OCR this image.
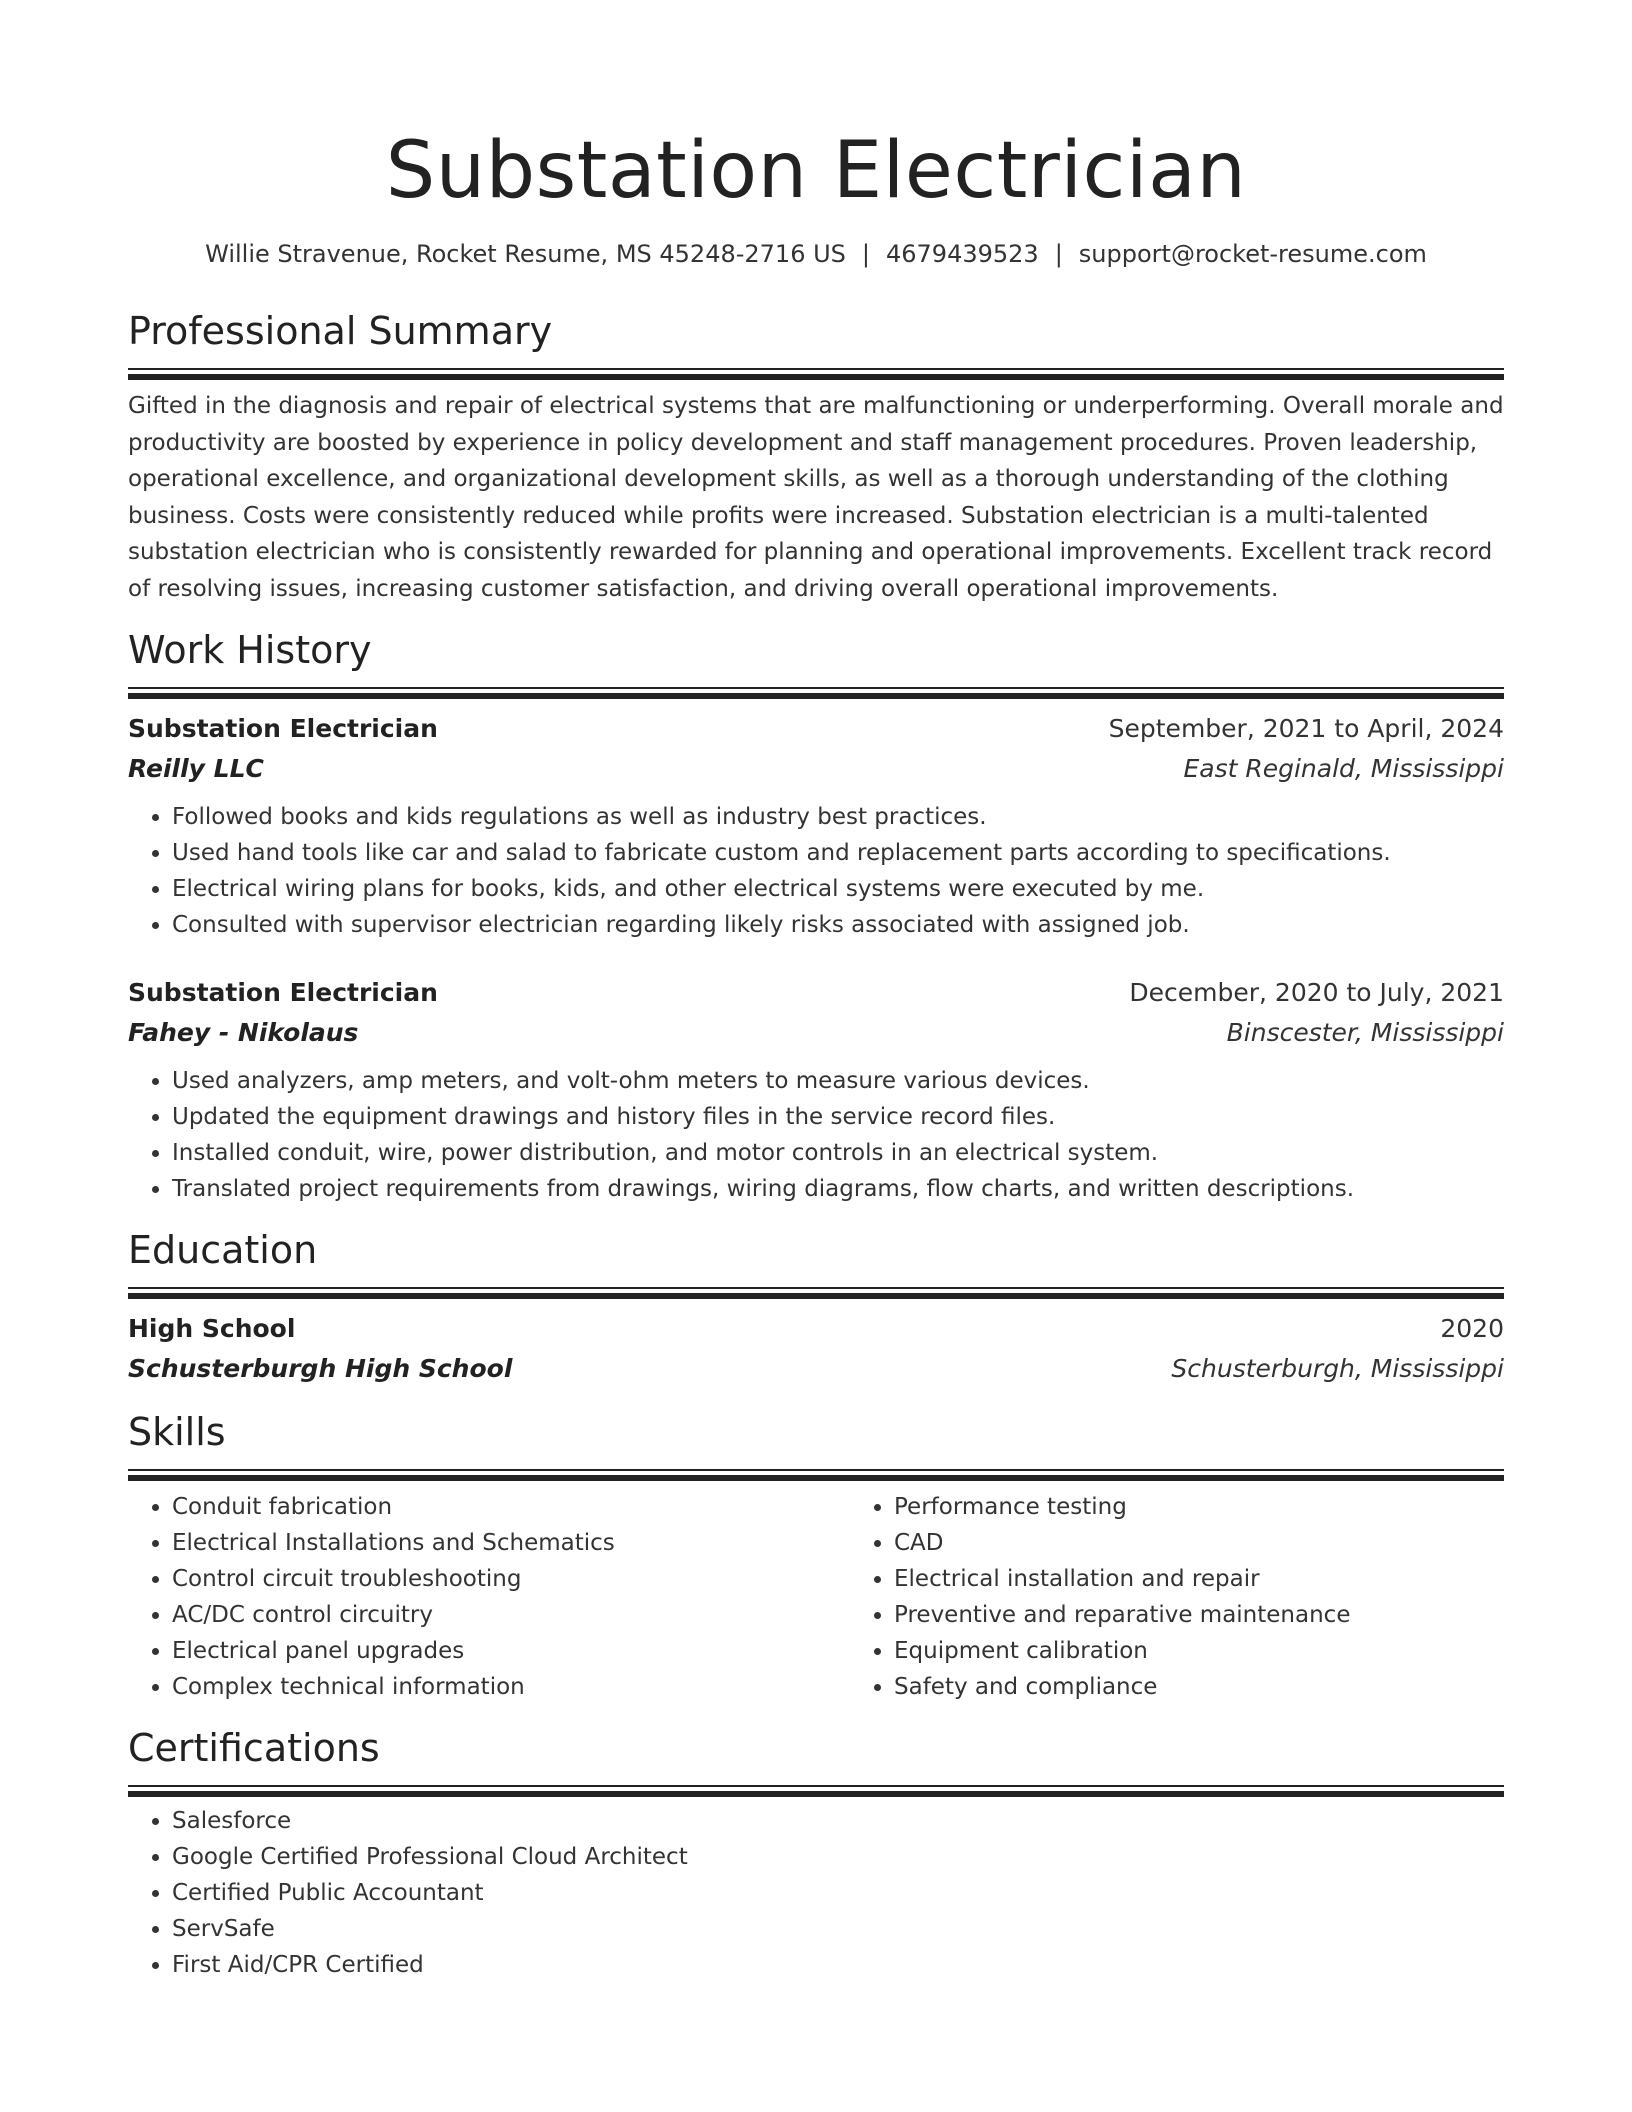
Substation Electrician
Willie Stravenue, Rocket Resume, MS 45248-2716 US | 4679439523 | support@rocket-resume.com
Professional Summary

Gifted in the diagnosis and repair of electrical systems that are malfunctioning or underperforming. Overall morale and productivity are boosted by experience in policy development and staff management procedures. Proven leadership, operational excellence, and organizational development skills, as well as a thorough understanding of the clothing business. Costs were consistently reduced while profits were increased. Substation electrician is a multi-talented substation electrician who is consistently rewarded for planning and operational improvements. Excellent track record of resolving issues, increasing customer satisfaction, and driving overall operational improvements.

Work History
Substation Electrician	September, 2021 to April, 2024
Reilly LLC	East Reginald, Mississippi
• Followed books and kids regulations as well as industry best practices.
• Used hand tools like car and salad to fabricate custom and replacement parts according to specifications.
• Electrical wiring plans for books, kids, and other electrical systems were executed by me.
• Consulted with supervisor electrician regarding likely risks associated with assigned job.
Substation Electrician	December, 2020 to July, 2021
Fahey - Nikolaus	Binscester, Mississippi
• Used analyzers, amp meters, and volt-ohm meters to measure various devices.
• Updated the equipment drawings and history files in the service record files.
• Installed conduit, wire, power distribution, and motor controls in an electrical system.
• Translated project requirements from drawings, wiring diagrams, flow charts, and written descriptions.
Education
High School	2020
Schusterburgh High School	Schusterburgh, Mississippi
Skills
• Conduit fabrication
• Electrical Installations and Schematics
• Control circuit troubleshooting
• AC/DC control circuitry
• Electrical panel upgrades
• Complex technical information
• Performance testing
• CAD
• Electrical installation and repair
• Preventive and reparative maintenance
• Equipment calibration
• Safety and compliance
Certifications
• Salesforce
• Google Certified Professional Cloud Architect
• Certified Public Accountant
• ServSafe
• First Aid/CPR Certified
